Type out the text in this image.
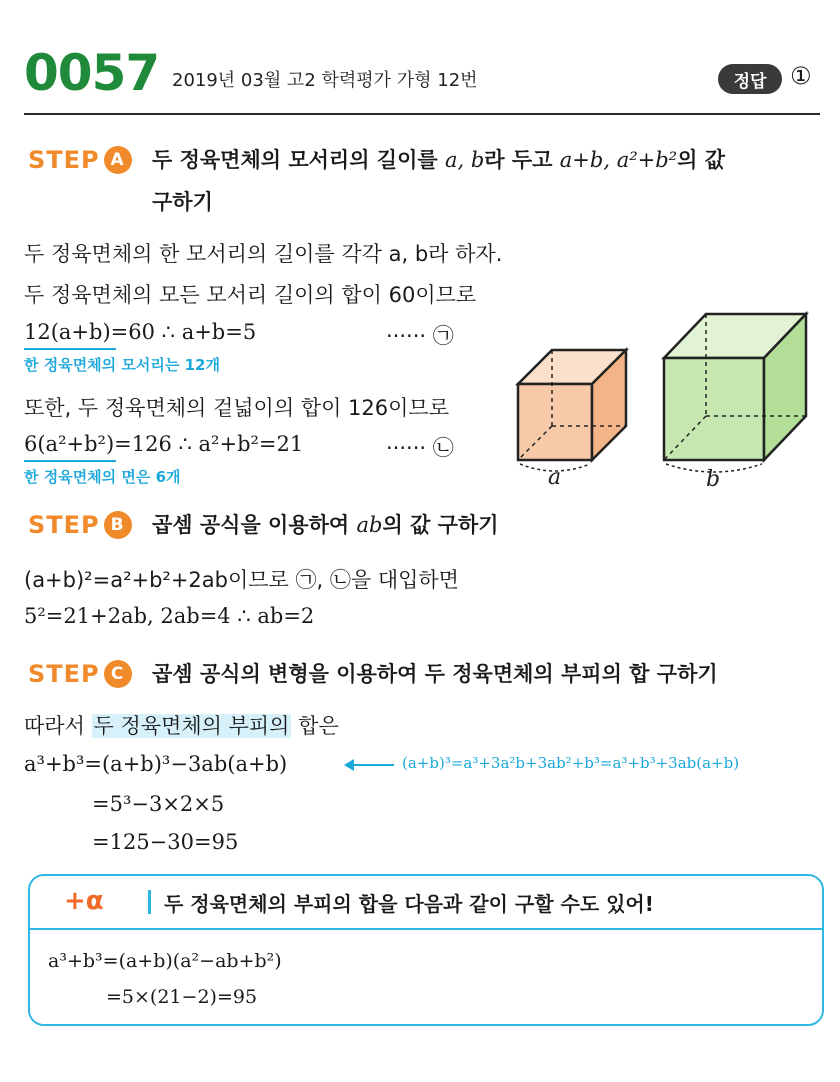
0057 2019년 03월 고2 학력평가 가형 12번	정답 ①
STEP A	두 정육면체의 모서리의 길이를 a, b라 두고 a+b, a²+b²의 값
구하기
두 정육면체의 한 모서리의 길이를 각각 a, b라 하자.
두 정육면체의 모든 모서리 길이의 합이 60이므로
12(a+b)=60 ∴ a+b=5	······ ㉠
한 정육면체의 모서리는 12개
또한, 두 정육면체의 겉넓이의 합이 126이므로
6(a²+b²)=126 ∴ a²+b²=21	······ ㉡
한 정육면체의 면은 6개	a	b
STEP B	곱셈 공식을 이용하여 ab의 값 구하기
(a+b)²=a²+b²+2ab이므로 ㉠, ㉡을 대입하면
5²=21+2ab, 2ab=4 ∴ ab=2
STEP C	곱셈 공식의 변형을 이용하여 두 정육면체의 부피의 합 구하기
따라서 두 정육면체의 부피의 합은
a³+b³=(a+b)³−3ab(a+b)	(a+b)³=a³+3a²b+3ab²+b³=a³+b³+3ab(a+b)
=5³−3×2×5
=125−30=95
+α	두 정육면체의 부피의 합을 다음과 같이 구할 수도 있어!
a³+b³=(a+b)(a²−ab+b²)
=5×(21−2)=95
